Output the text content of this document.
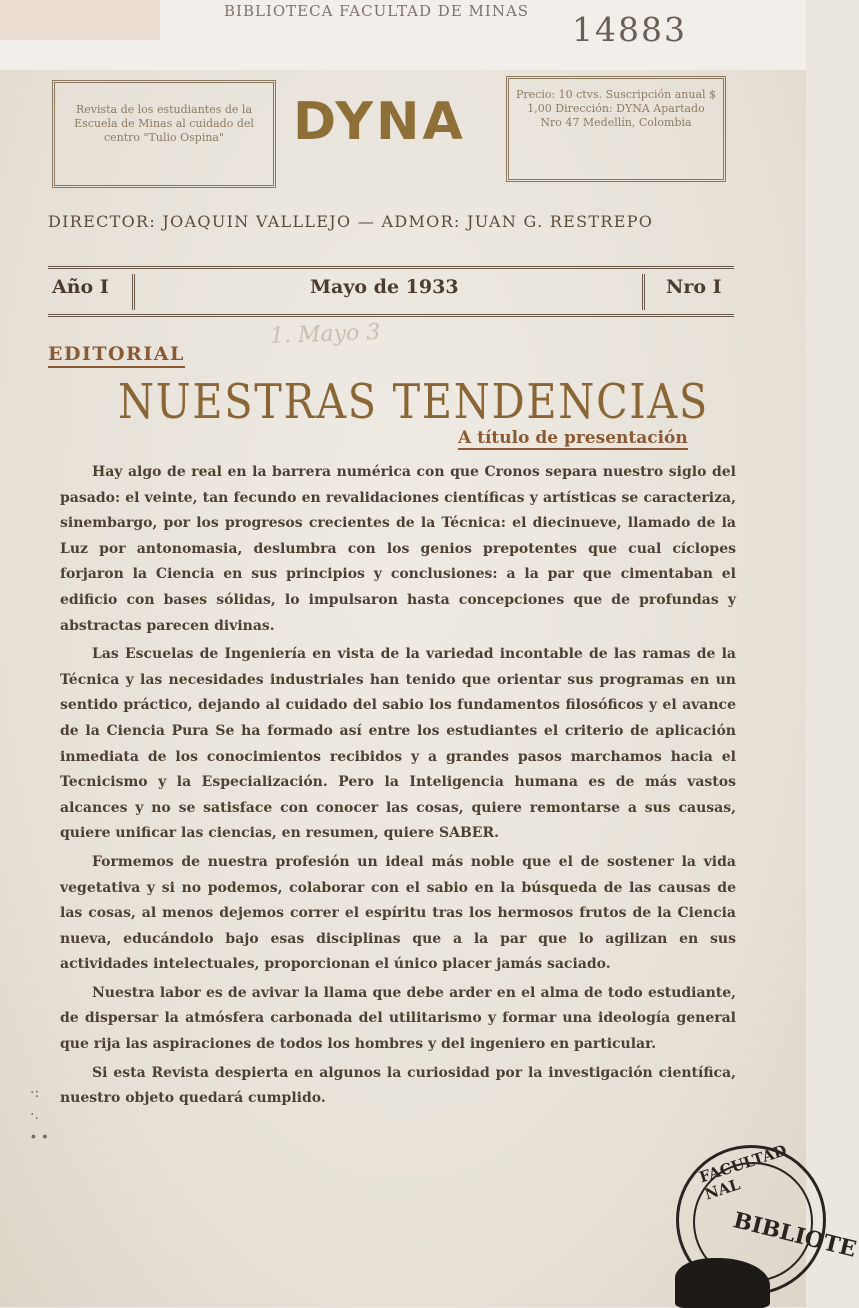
BIBLIOTECA FACULTAD DE MINAS 14883
Revista de los estudiantes de la Escuela de Minas al cuidado del centro "Tulio Ospina"	DYNA	Precio: 10 ctvs. Suscripción anual $ 1,00 Dirección: DYNA Apartado Nro 47 Medellín, Colombia
DIRECTOR: JOAQUIN VALLLEJO — ADMOR: JUAN G. RESTREPO
Año I	Mayo de 1933	Nro I
1. Mayo 3
EDITORIAL
NUESTRAS TENDENCIAS
A título de presentación

Hay algo de real en la barrera numérica con que Cronos separa nuestro siglo del pasado: el veinte, tan fecundo en revalidaciones científicas y artísticas se caracteriza, sinembargo, por los progresos crecientes de la Técnica: el diecinueve, llamado de la Luz por antonomasia, deslumbra con los genios prepotentes que cual cíclopes forjaron la Ciencia en sus principios y conclusiones: a la par que cimentaban el edificio con bases sólidas, lo impulsaron hasta concepciones que de profundas y abstractas parecen divinas.

Las Escuelas de Ingeniería en vista de la variedad incontable de las ramas de la Técnica y las necesidades industriales han tenido que orientar sus programas en un sentido práctico, dejando al cuidado del sabio los fundamentos filosóficos y el avance de la Ciencia Pura Se ha formado así entre los estudiantes el criterio de aplicación inmediata de los conocimientos recibidos y a grandes pasos marchamos hacia el Tecnicismo y la Especialización. Pero la Inteligencia humana es de más vastos alcances y no se satisface con conocer las cosas, quiere remontarse a sus causas, quiere unificar las ciencias, en resumen, quiere SABER.

Formemos de nuestra profesión un ideal más noble que el de sostener la vida vegetativa y si no podemos, colaborar con el sabio en la búsqueda de las causas de las cosas, al menos dejemos correr el espíritu tras los hermosos frutos de la Ciencia nueva, educándolo bajo esas disciplinas que a la par que lo agilizan en sus actividades intelectuales, proporcionan el único placer jamás saciado.

Nuestra labor es de avivar la llama que debe arder en el alma de todo estudiante, de dispersar la atmósfera carbonada del utilitarismo y formar una ideología general que rija las aspiraciones de todos los hombres y del ingeniero en particular.

Si esta Revista despierta en algunos la curiosidad por la investigación científica, nuestro objeto quedará cumplido.

·:
·.
∙ ∙
FACULTAD NAL
BIBLIOTE
